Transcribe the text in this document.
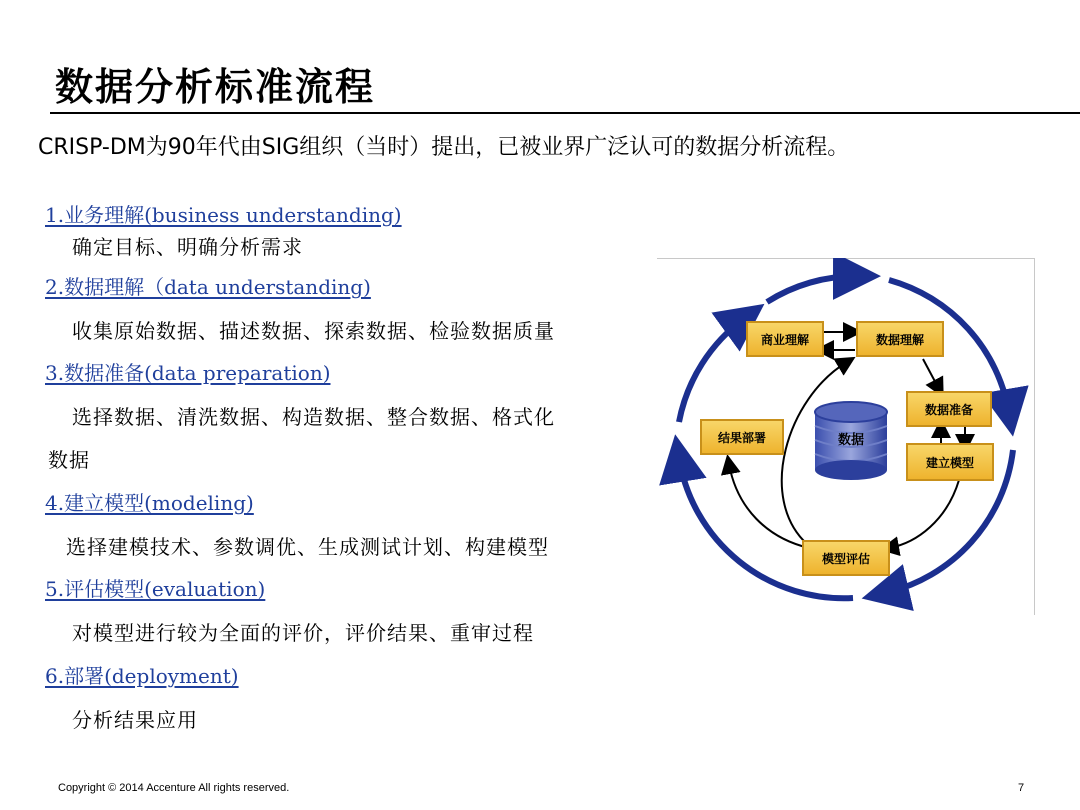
数据分析标准流程
CRISP-DM为90年代由SIG组织（当时）提出，已被业界广泛认可的数据分析流程。
1.业务理解(business understanding)
确定目标、明确分析需求
2.数据理解（data understanding)
收集原始数据、描述数据、探索数据、检验数据质量
3.数据准备(data preparation)
选择数据、清洗数据、构造数据、整合数据、格式化
数据
4.建立模型(modeling)
选择建模技术、参数调优、生成测试计划、构建模型
5.评估模型(evaluation)
对模型进行较为全面的评价，评价结果、重审过程
6.部署(deployment)
分析结果应用
数据
商业理解	数据理解
数据准备
建立模型
模型评估
结果部署
Copyright © 2014 Accenture All rights reserved.	7
